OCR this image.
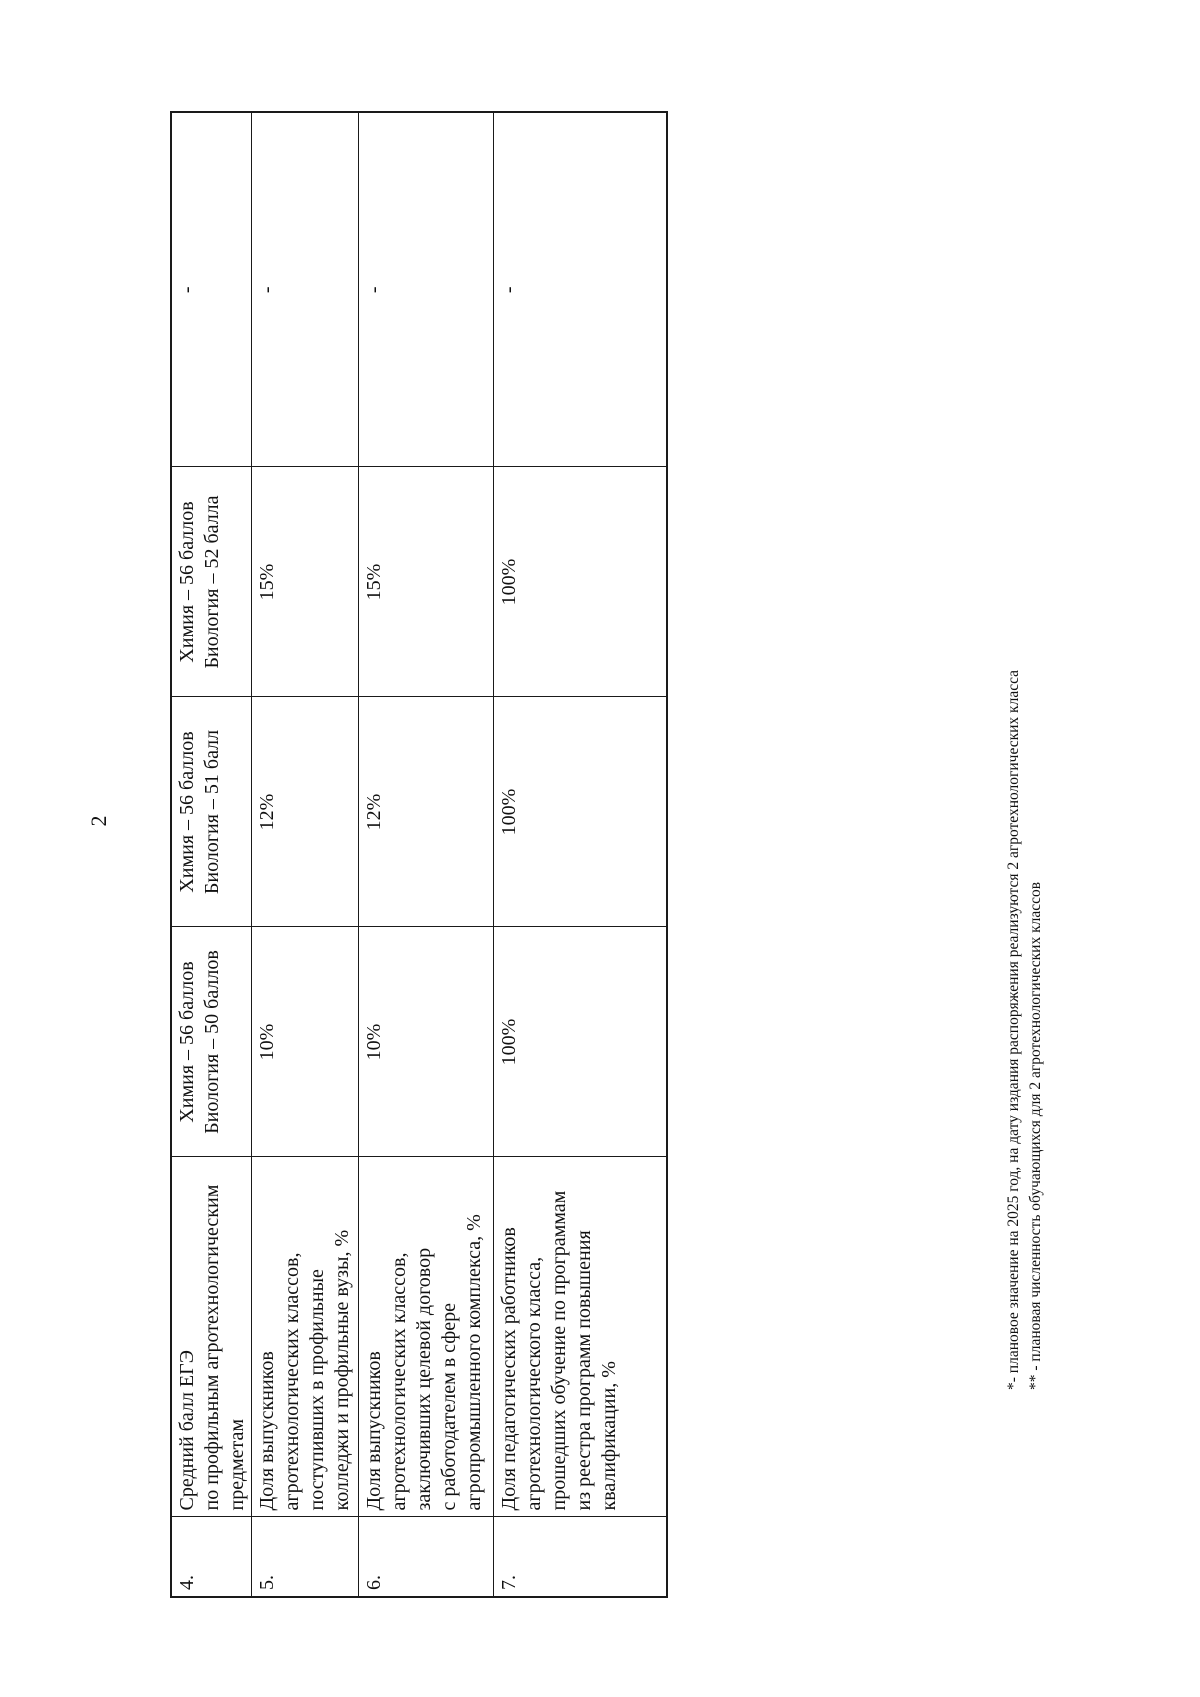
2
4.	Средний балл ЕГЭ
по профильным агротехнологическим
предметам	Химия – 56 баллов Биология – 50 баллов	Химия – 56 баллов Биология – 51 балл	Химия – 56 баллов Биология – 52 балла	-
5.	Доля выпускников
агротехнологических классов,
поступивших в профильные
колледжи и профильные вузы, %	10%	12%	15%	-
6.	Доля выпускников
агротехнологических классов,
заключивших целевой договор
с работодателем в сфере
агропромышленного комплекса, %	10%	12%	15%	-
7.	Доля педагогических работников
агротехнологического класса,
прошедших обучение по программам
из реестра программ повышения
квалификации, %	100%	100%	100%	-
*- плановое значение на 2025 год, на дату издания распоряжения реализуются 2 агротехнологических класса ** - плановая численность обучающихся для 2 агротехнологических классов
